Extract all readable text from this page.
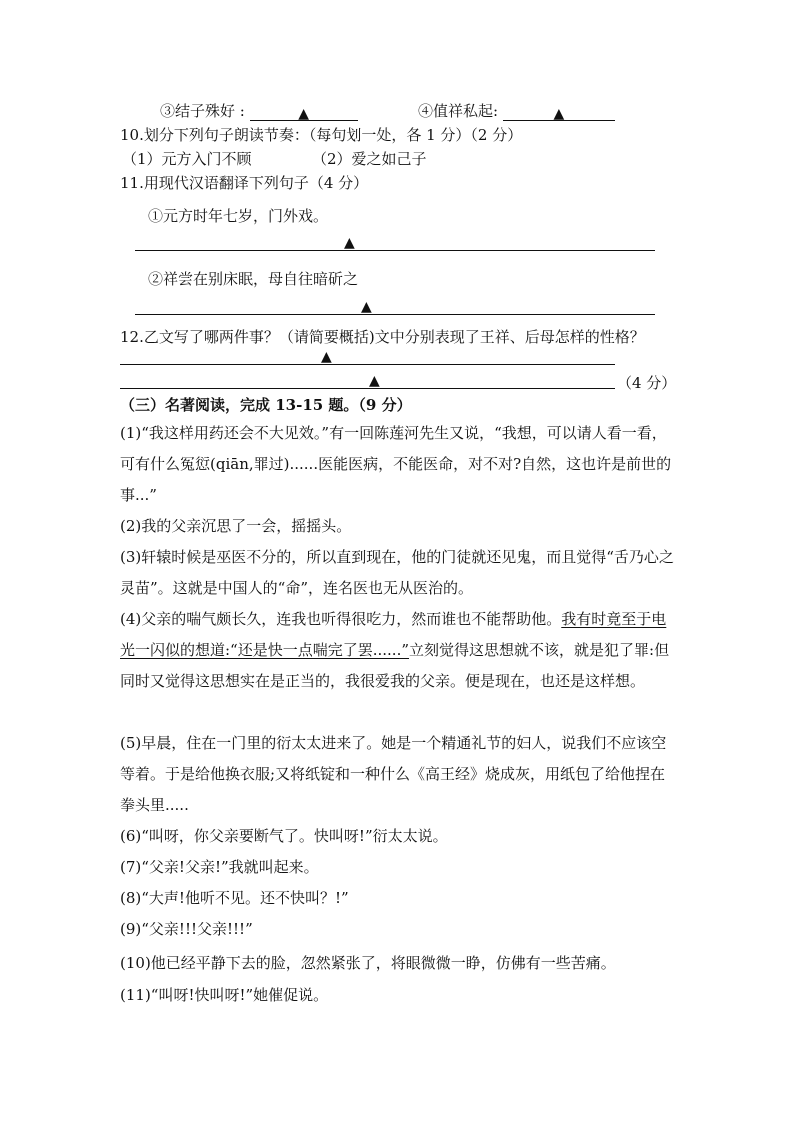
③结子殊好 :	▲	④值祥私起:	▲
10.划分下列句子朗读节奏：（每句划一处，各 1 分）（2 分）
（1）元方入门不顾	（2）爱之如己子
11.用现代汉语翻译下列句子（4 分）
①元方时年七岁，门外戏。
▲
②祥尝在别床眠，母自往暗斫之
▲
12.乙文写了哪两件事？（请简要概括)文中分别表现了王祥、后母怎样的性格？
▲
▲	（4 分）
（三）名著阅读，完成 13-15 题。（9 分）
(1)“我这样用药还会不大见效。”有一回陈莲河先生又说，“我想，可以请人看一看，可有什么冤愆(qiān,罪过)......医能医病，不能医命，对不对?自然，这也许是前世的事...”
(2)我的父亲沉思了一会，摇摇头。
(3)轩辕时候是巫医不分的，所以直到现在，他的门徒就还见鬼，而且觉得“舌乃心之灵苗”。这就是中国人的“命”，连名医也无从医治的。
(4)父亲的喘气颇长久，连我也听得很吃力，然而谁也不能帮助他。我有时竟至于电光一闪似的想道:“还是快一点喘完了罢......”立刻觉得这思想就不该，就是犯了罪:但同时又觉得这思想实在是正当的，我很爱我的父亲。便是现在，也还是这样想。
(5)早晨，住在一门里的衍太太进来了。她是一个精通礼节的妇人，说我们不应该空等着。于是给他换衣服;又将纸锭和一种什么《高王经》烧成灰，用纸包了给他捏在拳头里.....
(6)“叫呀，你父亲要断气了。快叫呀!”衍太太说。
(7)“父亲!父亲!”我就叫起来。
(8)“大声!他听不见。还不快叫？!”
(9)“父亲!!!父亲!!!”
(10)他已经平静下去的脸，忽然紧张了，将眼微微一睁，仿佛有一些苦痛。
(11)“叫呀!快叫呀!”她催促说。
